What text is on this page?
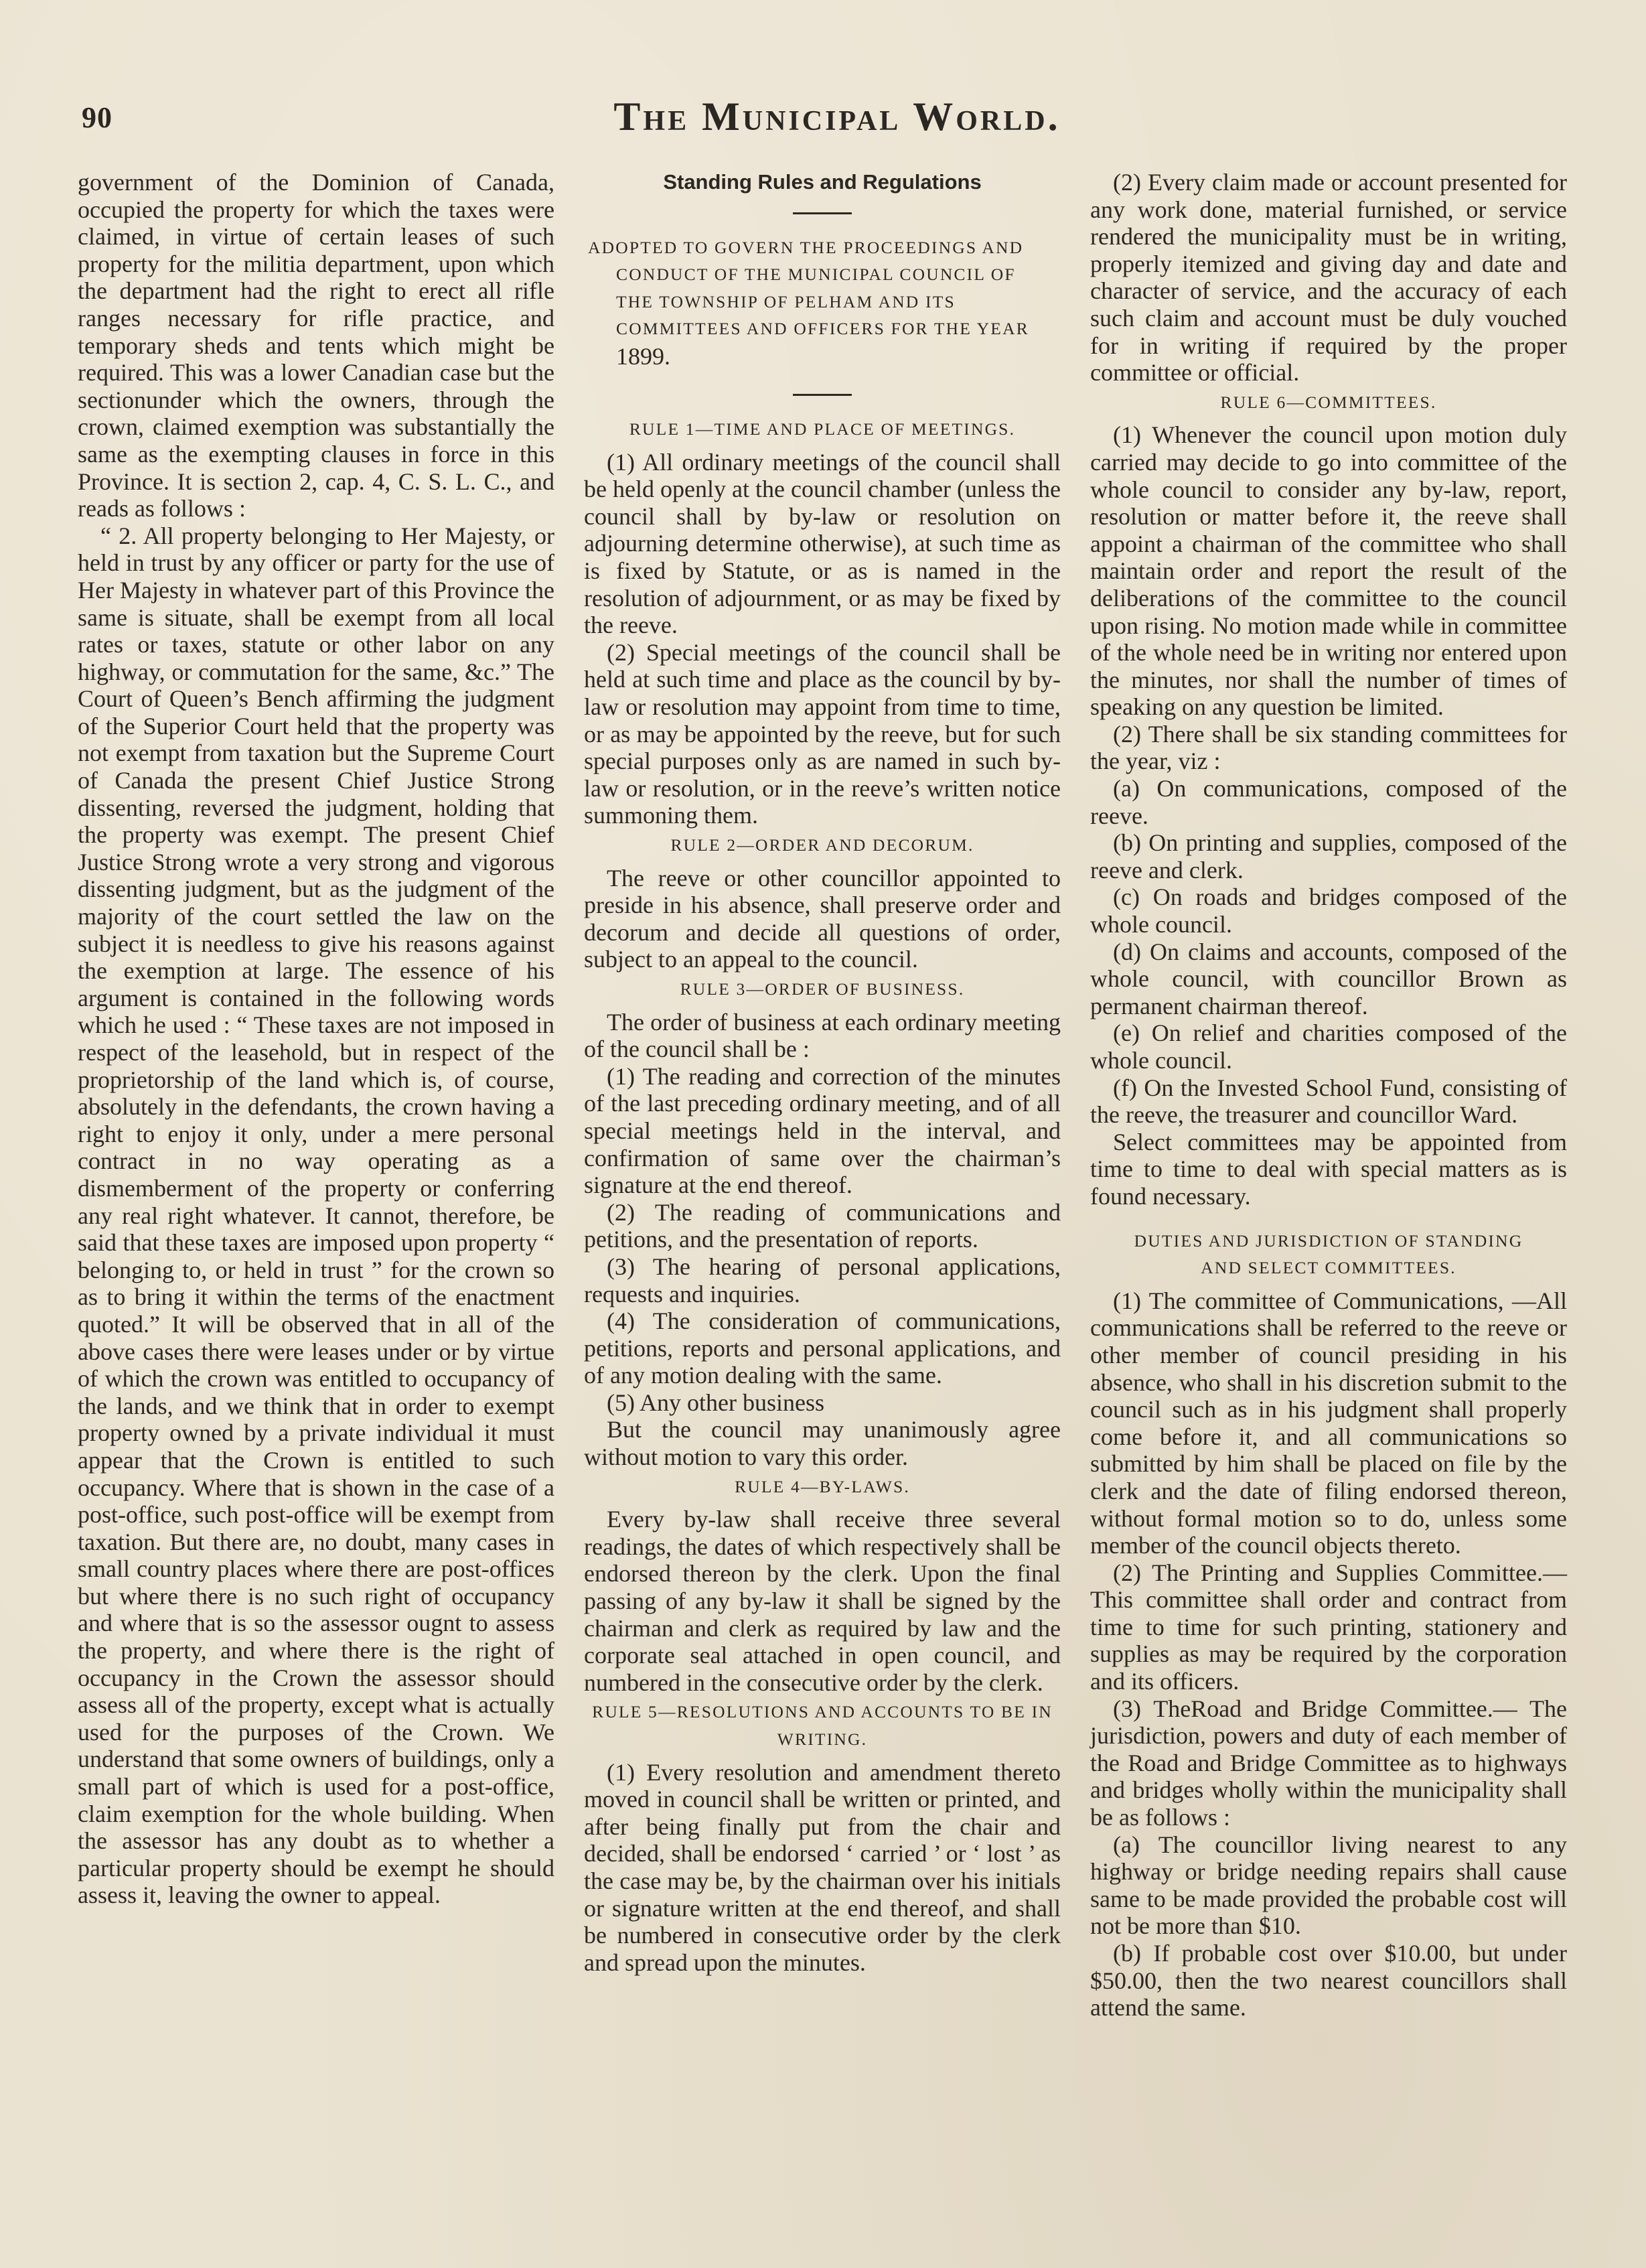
90	The Municipal World.

government of the Dominion of Canada, occupied the property for which the taxes were claimed, in virtue of certain leases of such property for the militia department, upon which the department had the right to erect all rifle ranges necessary for rifle practice, and temporary sheds and tents which might be required. This was a lower Canadian case but the sectionunder which the owners, through the crown, claimed exemption was substantially the same as the exempting clauses in force in this Province. It is section 2, cap. 4, C. S. L. C., and reads as follows :

“ 2. All property belonging to Her Majesty, or held in trust by any officer or party for the use of Her Majesty in whatever part of this Province the same is situate, shall be exempt from all local rates or taxes, statute or other labor on any highway, or commutation for the same, &c.” The Court of Queen’s Bench affirming the judgment of the Superior Court held that the property was not exempt from taxation but the Supreme Court of Canada the present Chief Justice Strong dissenting, reversed the judgment, holding that the property was exempt. The present Chief Justice Strong wrote a very strong and vigorous dissenting judgment, but as the judgment of the majority of the court settled the law on the subject it is needless to give his reasons against the exemption at large. The essence of his argument is contained in the following words which he used : “ These taxes are not imposed in respect of the leasehold, but in respect of the proprietorship of the land which is, of course, absolutely in the defendants, the crown having a right to enjoy it only, under a mere personal contract in no way operating as a dismemberment of the property or conferring any real right whatever. It cannot, therefore, be said that these taxes are imposed upon property “ belonging to, or held in trust ” for the crown so as to bring it within the terms of the enactment quoted.” It will be observed that in all of the above cases there were leases under or by virtue of which the crown was entitled to occupancy of the lands, and we think that in order to exempt property owned by a private individual it must appear that the Crown is entitled to such occupancy. Where that is shown in the case of a post-office, such post-office will be exempt from taxation. But there are, no doubt, many cases in small country places where there are post-offices but where there is no such right of occupancy and where that is so the assessor ougnt to assess the property, and where there is the right of occupancy in the Crown the assessor should assess all of the property, except what is actually used for the purposes of the Crown. We understand that some owners of buildings, only a small part of which is used for a post-office, claim exemption for the whole building. When the assessor has any doubt as to whether a particular property should be exempt he should assess it, leaving the owner to appeal.

Standing Rules and Regulations

ADOPTED TO GOVERN THE PROCEEDINGS AND CONDUCT OF THE MUNICIPAL COUNCIL OF THE TOWNSHIP OF PELHAM AND ITS COMMITTEES AND OFFICERS FOR THE YEAR 1899.

RULE 1—TIME AND PLACE OF MEETINGS.

(1) All ordinary meetings of the council shall be held openly at the council chamber (unless the council shall by by-law or resolution on adjourning determine otherwise), at such time as is fixed by Statute, or as is named in the resolution of adjournment, or as may be fixed by the reeve.

(2) Special meetings of the council shall be held at such time and place as the council by by-law or resolution may appoint from time to time, or as may be appointed by the reeve, but for such special purposes only as are named in such by-law or resolution, or in the reeve’s written notice summoning them.

RULE 2—ORDER AND DECORUM.

The reeve or other councillor appointed to preside in his absence, shall preserve order and decorum and decide all questions of order, subject to an appeal to the council.

RULE 3—ORDER OF BUSINESS.

The order of business at each ordinary meeting of the council shall be :

(1) The reading and correction of the minutes of the last preceding ordinary meeting, and of all special meetings held in the interval, and confirmation of same over the chairman’s signature at the end thereof.

(2) The reading of communications and petitions, and the presentation of reports.

(3) The hearing of personal applications, requests and inquiries.

(4) The consideration of communications, petitions, reports and personal applications, and of any motion dealing with the same.

(5) Any other business

But the council may unanimously agree without motion to vary this order.

RULE 4—BY-LAWS.

Every by-law shall receive three several readings, the dates of which respectively shall be endorsed thereon by the clerk. Upon the final passing of any by-law it shall be signed by the chairman and clerk as required by law and the corporate seal attached in open council, and numbered in the consecutive order by the clerk.

RULE 5—RESOLUTIONS AND ACCOUNTS TO BE IN WRITING.

(1) Every resolution and amendment thereto moved in council shall be written or printed, and after being finally put from the chair and decided, shall be endorsed ‘ carried ’ or ‘ lost ’ as the case may be, by the chairman over his initials or signature written at the end thereof, and shall be numbered in consecutive order by the clerk and spread upon the minutes.

(2) Every claim made or account presented for any work done, material furnished, or service rendered the municipality must be in writing, properly itemized and giving day and date and character of service, and the accuracy of each such claim and account must be duly vouched for in writing if required by the proper committee or official.

RULE 6—COMMITTEES.

(1) Whenever the council upon motion duly carried may decide to go into committee of the whole council to consider any by-law, report, resolution or matter before it, the reeve shall appoint a chairman of the committee who shall maintain order and report the result of the deliberations of the committee to the council upon rising. No motion made while in committee of the whole need be in writing nor entered upon the minutes, nor shall the number of times of speaking on any question be limited.

(2) There shall be six standing committees for the year, viz :

(a) On communications, composed of the reeve.

(b) On printing and supplies, composed of the reeve and clerk.

(c) On roads and bridges composed of the whole council.

(d) On claims and accounts, composed of the whole council, with councillor Brown as permanent chairman thereof.

(e) On relief and charities composed of the whole council.

(f) On the Invested School Fund, consisting of the reeve, the treasurer and councillor Ward.

Select committees may be appointed from time to time to deal with special matters as is found necessary.

DUTIES AND JURISDICTION OF STANDING

AND SELECT COMMITTEES.

(1) The committee of Communications, —All communications shall be referred to the reeve or other member of council presiding in his absence, who shall in his discretion submit to the council such as in his judgment shall properly come before it, and all communications so submitted by him shall be placed on file by the clerk and the date of filing endorsed thereon, without formal motion so to do, unless some member of the council objects thereto.

(2) The Printing and Supplies Committee.—This committee shall order and contract from time to time for such printing, stationery and supplies as may be required by the corporation and its officers.

(3) TheRoad and Bridge Committee.— The jurisdiction, powers and duty of each member of the Road and Bridge Committee as to highways and bridges wholly within the municipality shall be as follows :

(a) The councillor living nearest to any highway or bridge needing repairs shall cause same to be made provided the probable cost will not be more than $10.

(b) If probable cost over $10.00, but under $50.00, then the two nearest councillors shall attend the same.
